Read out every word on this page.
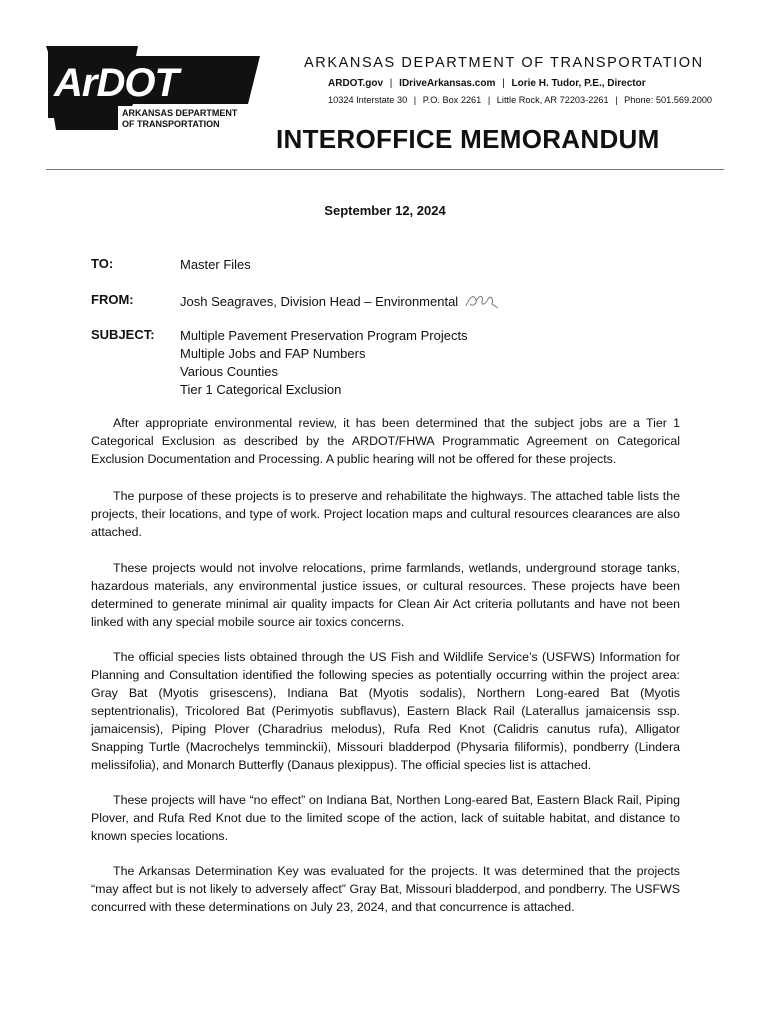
ArDOT
ARKANSAS DEPARTMENT
OF TRANSPORTATION
ARKANSAS DEPARTMENT OF TRANSPORTATION
ARDOT.gov | IDriveArkansas.com | Lorie H. Tudor, P.E., Director
10324 Interstate 30 | P.O. Box 2261 | Little Rock, AR 72203-2261 | Phone: 501.569.2000
INTEROFFICE MEMORANDUM
September 12, 2024
TO:	Master Files
FROM:	Josh Seagraves, Division Head – Environmental
SUBJECT: Multiple Pavement Preservation Program Projects
Multiple Jobs and FAP Numbers
Various Counties
Tier 1 Categorical Exclusion

After appropriate environmental review, it has been determined that the subject jobs are a Tier 1 Categorical Exclusion as described by the ARDOT/FHWA Programmatic Agreement on Categorical Exclusion Documentation and Processing. A public hearing will not be offered for these projects.

The purpose of these projects is to preserve and rehabilitate the highways. The attached table lists the projects, their locations, and type of work. Project location maps and cultural resources clearances are also attached.

These projects would not involve relocations, prime farmlands, wetlands, underground storage tanks, hazardous materials, any environmental justice issues, or cultural resources. These projects have been determined to generate minimal air quality impacts for Clean Air Act criteria pollutants and have not been linked with any special mobile source air toxics concerns.

The official species lists obtained through the US Fish and Wildlife Service’s (USFWS) Information for Planning and Consultation identified the following species as potentially occurring within the project area: Gray Bat (Myotis grisescens), Indiana Bat (Myotis sodalis), Northern Long-eared Bat (Myotis septentrionalis), Tricolored Bat (Perimyotis subflavus), Eastern Black Rail (Laterallus jamaicensis ssp. jamaicensis), Piping Plover (Charadrius melodus), Rufa Red Knot (Calidris canutus rufa), Alligator Snapping Turtle (Macrochelys temminckii), Missouri bladderpod (Physaria filiformis), pondberry (Lindera melissifolia), and Monarch Butterfly (Danaus plexippus). The official species list is attached.

These projects will have “no effect” on Indiana Bat, Northen Long-eared Bat, Eastern Black Rail, Piping Plover, and Rufa Red Knot due to the limited scope of the action, lack of suitable habitat, and distance to known species locations.

The Arkansas Determination Key was evaluated for the projects. It was determined that the projects “may affect but is not likely to adversely affect” Gray Bat, Missouri bladderpod, and pondberry. The USFWS concurred with these determinations on July 23, 2024, and that concurrence is attached.
